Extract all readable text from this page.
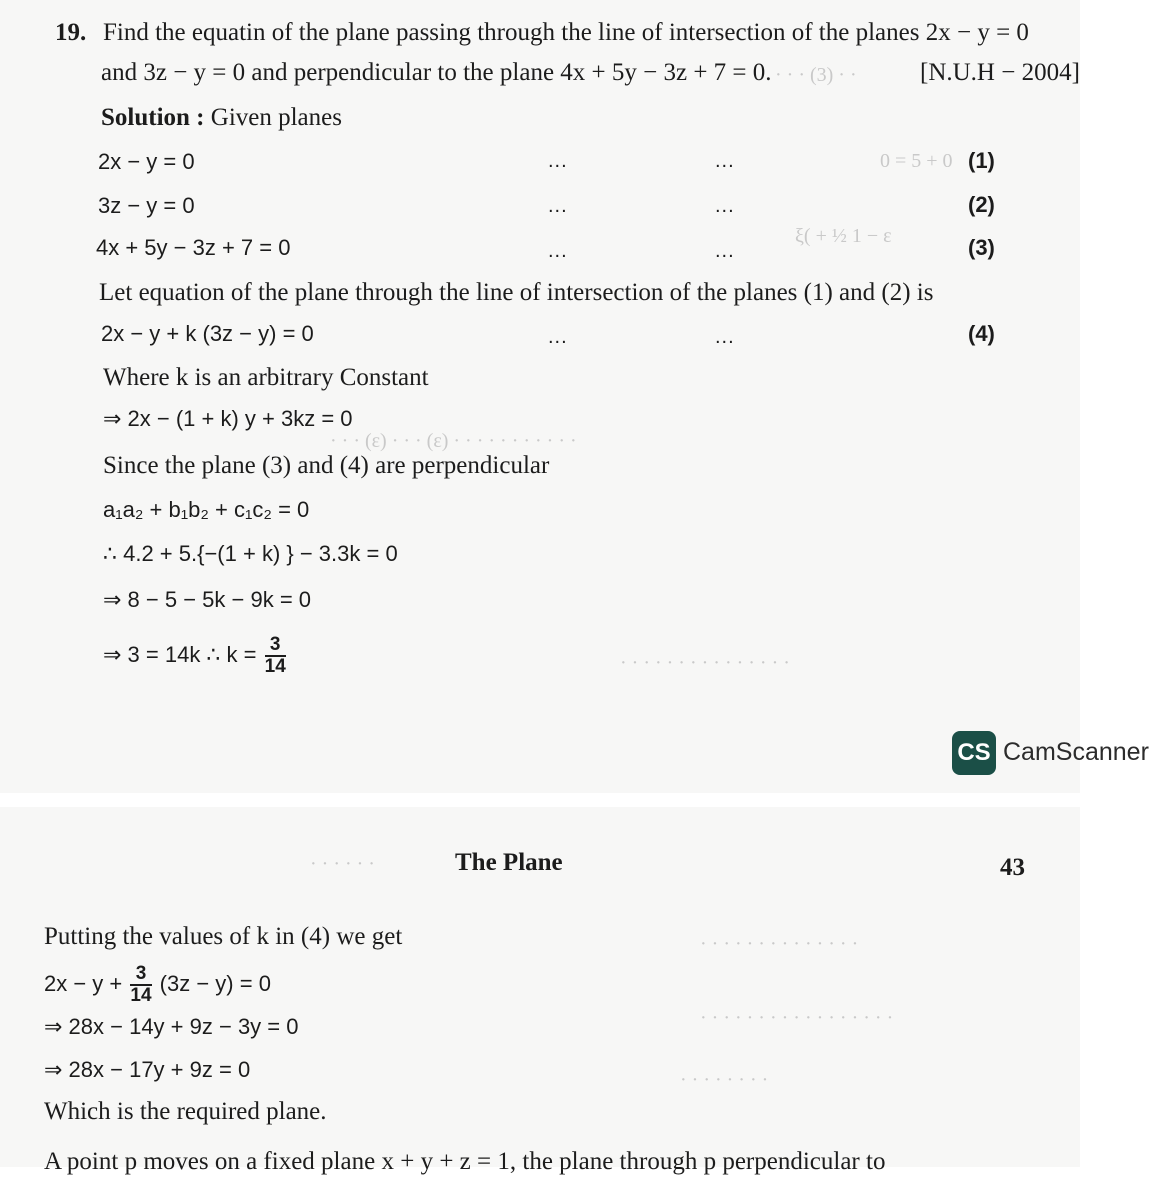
· · · (3) · ·
0 = 5 + 0
ξ( + ½ 1 − ε
· · · (ε) · · · (ε) · · · · · · · · · · ·
· · · · · · · · · · · · · · ·
19. Find the equatin of the plane passing through the line of intersection of the planes 2x − y = 0
and 3z − y = 0 and perpendicular to the plane 4x + 5y − 3z + 7 = 0.	[N.U.H − 2004]
Solution : Given planes
2x − y = 0	...	...	(1)
3z − y = 0	...	...	(2)
4x + 5y − 3z + 7 = 0	...	...	(3)
Let equation of the plane through the line of intersection of the planes (1) and (2) is
2x − y + k (3z − y) = 0	...	...	(4)
Where k is an arbitrary Constant
⇒ 2x − (1 + k) y + 3kz = 0
Since the plane (3) and (4) are perpendicular
a₁a₂ + b₁b₂ + c₁c₂ = 0
∴ 4.2 + 5.{−(1 + k) } − 3.3k = 0
⇒ 8 − 5 − 5k − 9k = 0
⇒ 3 = 14k ∴ $k = \frac{3}{14}$
CS CamScanner
· · · · · ·
· · · · · · · · · · · · · ·
· · · · · · · · · · · · · · · · ·
· · · · · · · ·
The Plane	43
Putting the values of k in (4) we get
$2x - y + \frac{3}{14} (3z - y) = 0$
⇒ 28x − 14y + 9z − 3y = 0
⇒ 28x − 17y + 9z = 0
Which is the required plane.
A point p moves on a fixed plane x + y + z = 1, the plane through p perpendicular to
